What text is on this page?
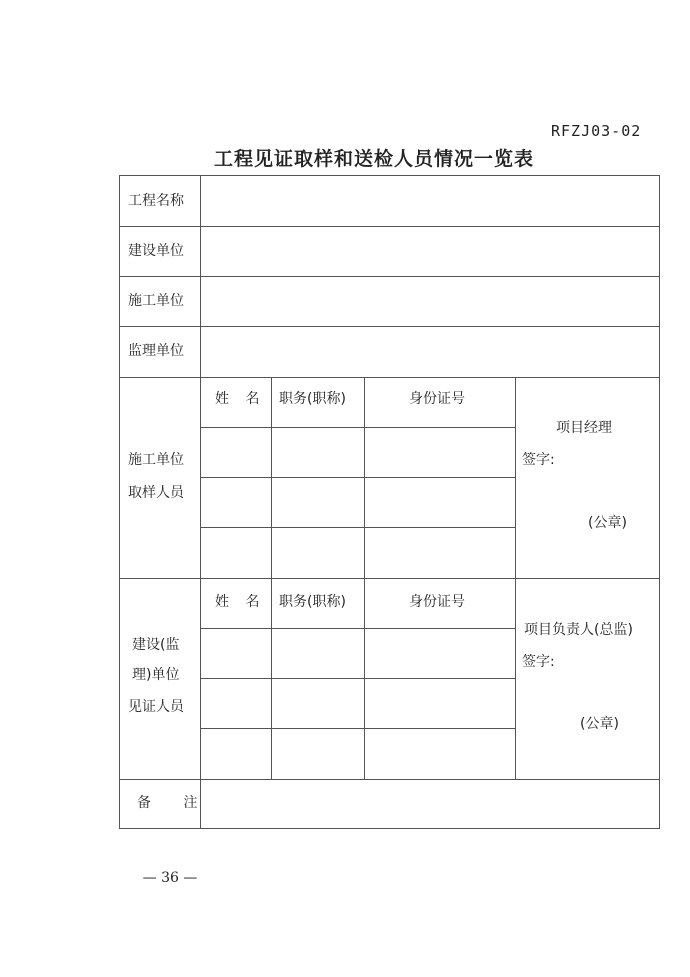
RFZJ03-02
工程见证取样和送检人员情况一览表
工程名称
建设单位
施工单位
监理单位
施工单位
取样人员
姓 名 职务(职称)	身份证号
项目经理
签字:
(公章)
建设(监
理)单位
见证人员
姓 名 职务(职称)	身份证号
项目负责人(总监)
签字:
(公章)
备 注
— 36 —
